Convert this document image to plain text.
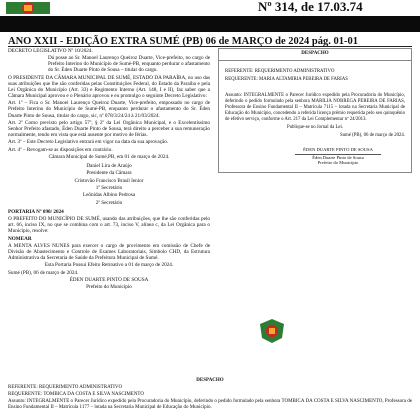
Nº 314, de 17.03.74
ANO XXII - EDIÇÃO EXTRA SUMÉ (PB) 06 de MARÇO de 2024 pág. 01-01

DECRETO LEGISLATIVO Nº 10/2024.

Dá posse ao Sr. Manoel Laurenço Queiroz Duarte, Vice-prefeito, no cargo de Prefeito Interino do Município de Sumé-PB, enquanto perdurar o afastamento do Sr. Éden Duarte Pinto de Sousa – titular do cargo.

O PRESIDENTE DA CÂMARA MUNICIPAL DE SUMÉ, ESTADO DA PARAÍBA, no uso das suas atribuições que lhe são conferidas pelas Constituições Federal, do Estado da Paraíba e pela Lei Orgânica do Município (Art. 33) e Regimento Interno (Art. 148, I e II), faz saber que a Câmara Municipal aprovou e o Plenário aprovou e eu promulgo o seguinte Decreto Legislativo:

Art. 1º – Fica o Sr. Manoel Laurenço Queiroz Duarte, Vice-prefeito, empossado no cargo de Prefeito Interino do Município de Sumé-PB, enquanto perdurar o afastamento do Sr. Éden Duarte Pinto de Sousa, titular do cargo, sic, nº 078/3/24/24 à 21/03/2024.

Art. 2º Como previsto pelo artigo 57º, § 2º da Lei Orgânica Municipal, e o Excelentíssimo Senhor Prefeito afastado, Éden Duarte Pinto de Sousa, terá direito a perceber a sua remuneração normalmente, tendo em vista que está ausente por motivo de férias.

Art. 3º – Este Decreto Legislativo entrará em vigor na data da sua aprovação.

Art. 4º – Revogam-se as disposições em contrário.

Câmara Municipal de Sumé,PB, em 01 de março de 2024.

Daniel Lira de Araújo

Presidente da Câmara

Cristovão Francisco Brasil Ienior

1º Secretário

Leônidas Albino Pedrosa

2º Secretário

PORTARIA Nº 090/ 2024

O PREFEITO DO MUNICÍPIO DE SUMÉ, usando das atribuições, que lhe são conferidas pelo art. 66, inciso IX, no que se combina com o art. 73, inciso V, alínea c, da Lei Orgânica para o Município, resolve:

NOMEAR

A MENTA ALVES NUNES para exercer o cargo de provimento em comissão de Chefe de Divisão de Abastecimento e Controle de Exames Laboratoriais, Símbolo CHD, da Estrutura Administrativa da Secretaria de Saúde da Prefeitura Municipal de Sumé.

Esta Portaria Possui Efeito Retroativo a 01 de março de 2024.

Sumé (PB), 06 de março de 2024.

ÉDEN DUARTE PINTO DE SOUSA

Prefeito do Município

DESPACHO

REFERENTE: REQUERIMENTO ADMINISTRATIVO

REQUERENTE: MARIA ALTAMIRIA PEREIRA DE FARIAS

Assunto: INTEGRALMENTE o Parecer Jurídico expedido pela Procuradoria do Município, deferindo o pedido formulado pela senhora MARILIA NOBREGA PEREIRA DE FARIAS, Professora de Ensino Fundamental II – Matrícula 7115 – lotada na Secretaria Municipal de Educação do Município, concedendo a referida licença prêmio requerida pelo seu quinquênio de efetivo serviço, conforme o Art. 217 da Lei Complementar nº 24/2013.

Publique-se no Jornal da Lei.

Sumé (PB), 06 de março de 2024.

ÉDEN DUARTE PINTO DE SOUSA
Éden Duarte Pinto de Sousa
Prefeito do Município

DESPACHO

REFERENTE: REQUERIMENTO ADMINISTRATIVO

REQUERENTE: TOMBICA DA COSTA E SILVA NASCIMENTO

Assunto: INTEGRALMENTE o Parecer Jurídico expedido pela Procuradoria do Município, deferindo o pedido formulado pela senhora TOMBICA DA COSTA E SILVA NASCIMENTO, Professora de Ensino Fundamental II – Matrícula 1177 – lotada na Secretaria Municipal de Educação do Município.
